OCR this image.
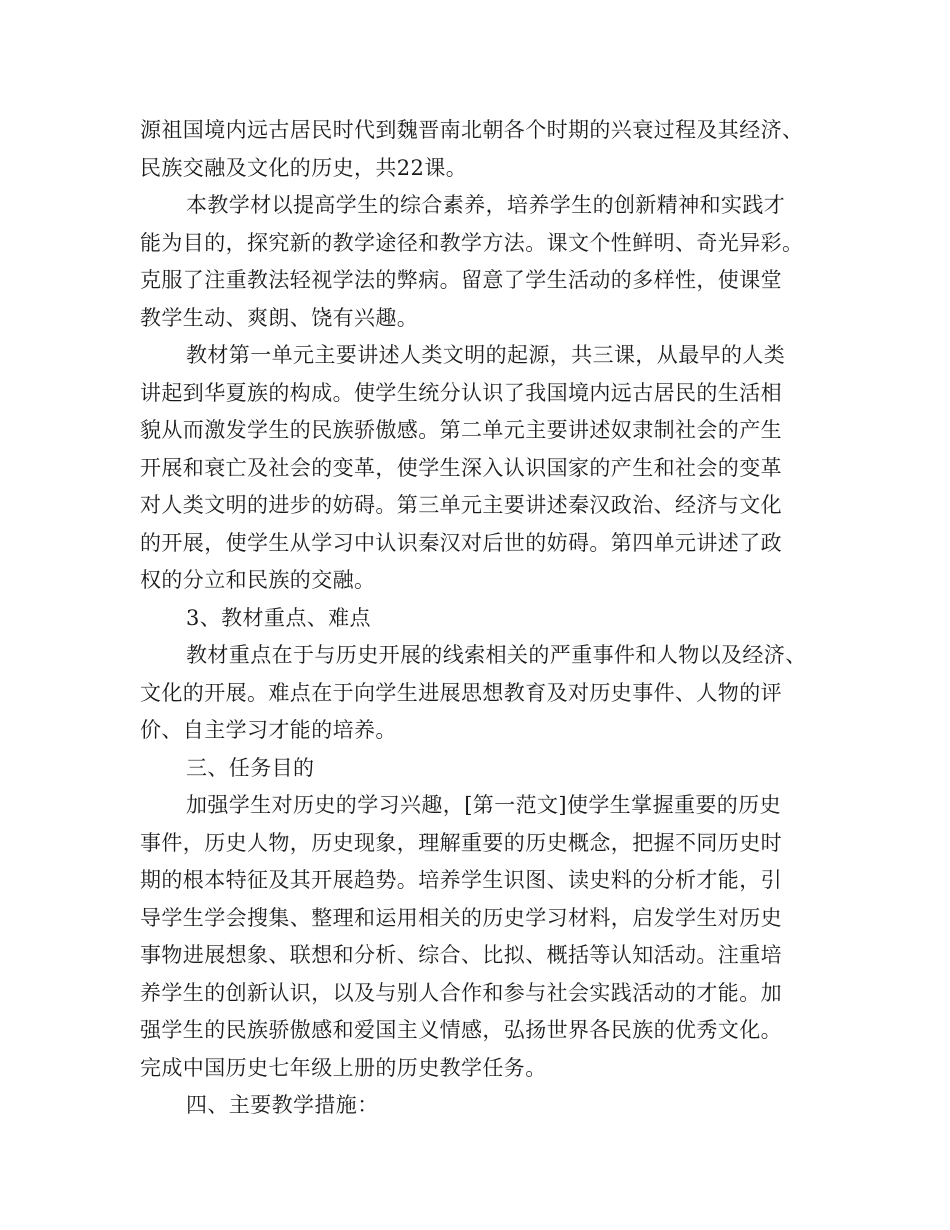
源祖国境内远古居民时代到魏晋南北朝各个时期的兴衰过程及其经济、
民族交融及文化的历史，共22课。
本教学材以提高学生的综合素养，培养学生的创新精神和实践才
能为目的，探究新的教学途径和教学方法。课文个性鲜明、奇光异彩。
克服了注重教法轻视学法的弊病。留意了学生活动的多样性，使课堂
教学生动、爽朗、饶有兴趣。
教材第一单元主要讲述人类文明的起源，共三课，从最早的人类
讲起到华夏族的构成。使学生统分认识了我国境内远古居民的生活相
貌从而激发学生的民族骄傲感。第二单元主要讲述奴隶制社会的产生
开展和衰亡及社会的变革，使学生深入认识国家的产生和社会的变革
对人类文明的进步的妨碍。第三单元主要讲述秦汉政治、经济与文化
的开展，使学生从学习中认识秦汉对后世的妨碍。第四单元讲述了政
权的分立和民族的交融。
3、教材重点、难点
教材重点在于与历史开展的线索相关的严重事件和人物以及经济、
文化的开展。难点在于向学生进展思想教育及对历史事件、人物的评
价、自主学习才能的培养。
三、任务目的
加强学生对历史的学习兴趣，[第一范文]使学生掌握重要的历史
事件，历史人物，历史现象，理解重要的历史概念，把握不同历史时
期的根本特征及其开展趋势。培养学生识图、读史料的分析才能，引
导学生学会搜集、整理和运用相关的历史学习材料，启发学生对历史
事物进展想象、联想和分析、综合、比拟、概括等认知活动。注重培
养学生的创新认识，以及与别人合作和参与社会实践活动的才能。加
强学生的民族骄傲感和爱国主义情感，弘扬世界各民族的优秀文化。
完成中国历史七年级上册的历史教学任务。
四、主要教学措施：
